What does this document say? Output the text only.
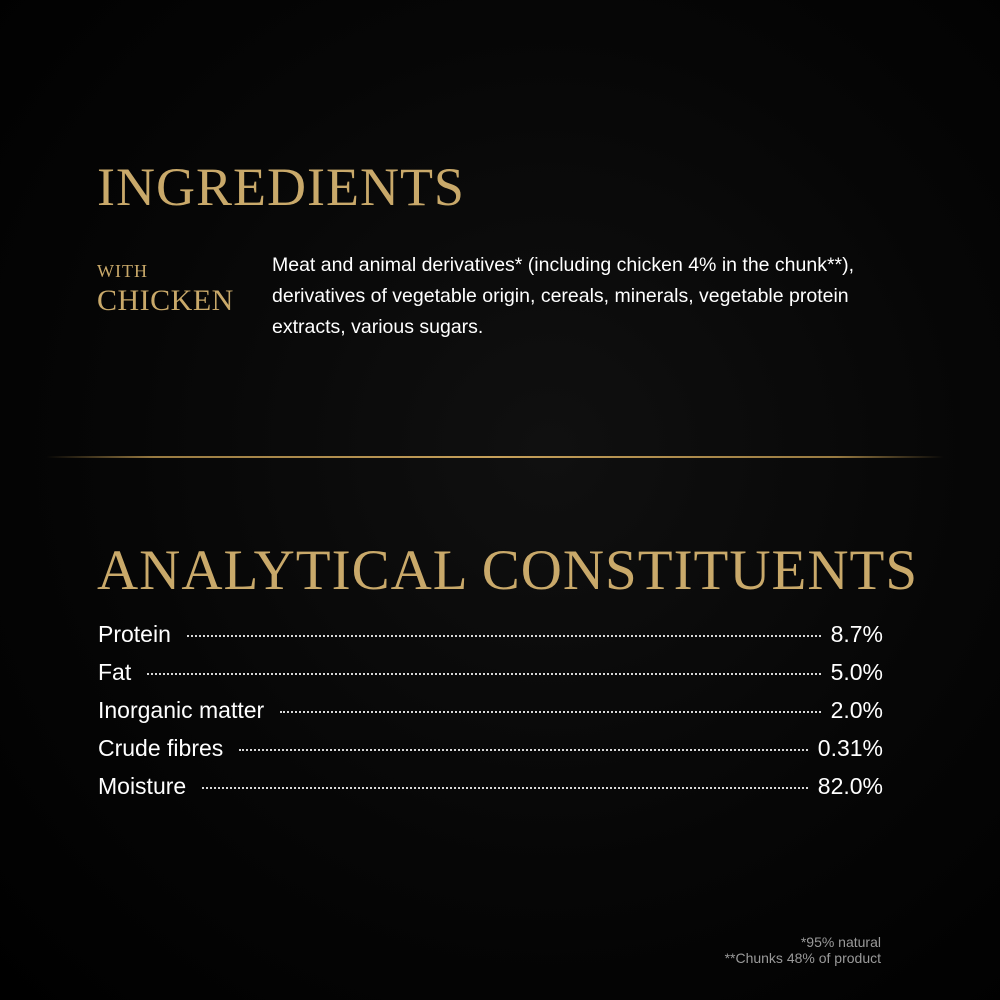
INGREDIENTS
WITH
CHICKEN

Meat and animal derivatives* (including chicken 4% in the chunk**), derivatives of vegetable origin, cereals, minerals, vegetable protein extracts, various sugars.

ANALYTICAL CONSTITUENTS
Protein	8.7%
Fat	5.0%
Inorganic matter	2.0%
Crude fibres	0.31%
Moisture	82.0%
*95% natural
**Chunks 48% of product
